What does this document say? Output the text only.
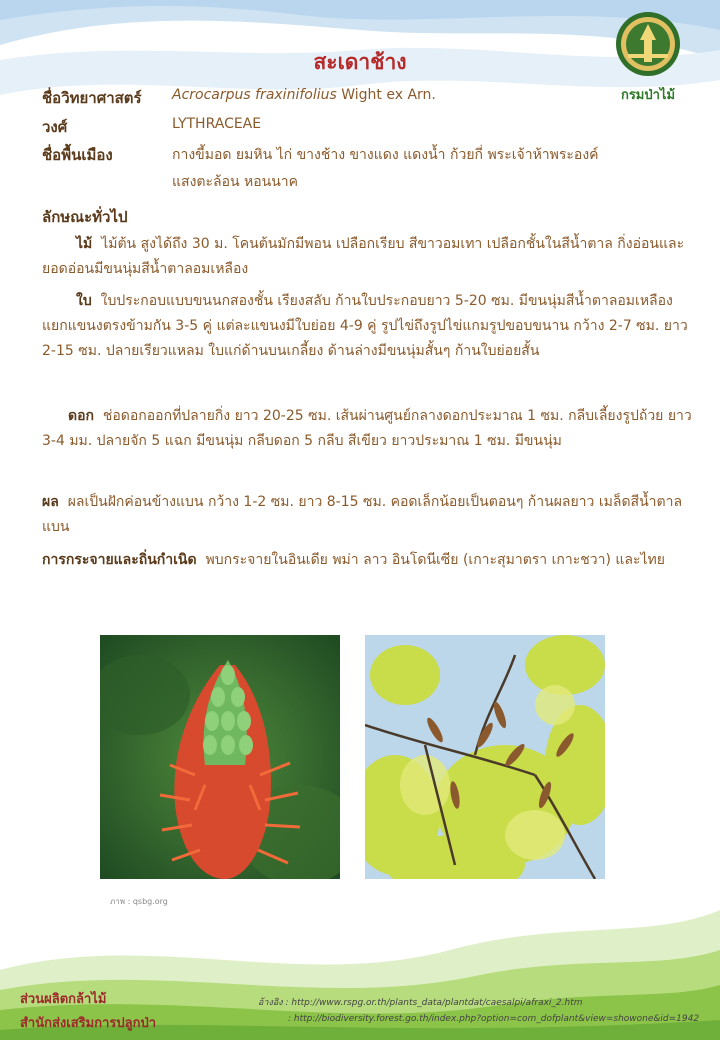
สะเดาช้าง
กรมป่าไม้
ชื่อวิทยาศาสตร์ Acrocarpus fraxinifolius Wight ex Arn.
วงศ์	LYTHRACEAE
ชื่อพื้นเมือง	กางขี้มอด ยมหิน ไก่ ขางช้าง ขางแดง แดงน้ำ ก้วยกี่ พระเจ้าห้าพระองค์
แสงตะล้อน หอนนาค
ลักษณะทั่วไป
ไม้ ไม้ต้น สูงได้ถึง 30 ม. โคนต้นมักมีพอน เปลือกเรียบ สีขาวอมเทา เปลือกชั้นในสีน้ำตาล กิ่งอ่อนและยอดอ่อนมีขนนุ่มสีน้ำตาลอมเหลือง
ใบ ใบประกอบแบบขนนกสองชั้น เรียงสลับ ก้านใบประกอบยาว 5-20 ซม. มีขนนุ่มสีน้ำตาลอมเหลือง แยกแขนงตรงข้ามกัน 3-5 คู่ แต่ละแขนงมีใบย่อย 4-9 คู่ รูปไข่ถึงรูปไข่แกมรูปขอบขนาน กว้าง 2-7 ซม. ยาว 2-15 ซม. ปลายเรียวแหลม ใบแก่ด้านบนเกลี้ยง ด้านล่างมีขนนุ่มสั้นๆ ก้านใบย่อยสั้น
ดอก ช่อดอกออกที่ปลายกิ่ง ยาว 20-25 ซม. เส้นผ่านศูนย์กลางดอกประมาณ 1 ซม. กลีบเลี้ยงรูปถ้วย ยาว 3-4 มม. ปลายจัก 5 แฉก มีขนนุ่ม กลีบดอก 5 กลีบ สีเขียว ยาวประมาณ 1 ซม. มีขนนุ่ม
ผล ผลเป็นฝักค่อนข้างแบน กว้าง 1-2 ซม. ยาว 8-15 ซม. คอดเล็กน้อยเป็นตอนๆ ก้านผลยาว เมล็ดสีน้ำตาล แบน
การกระจายและถิ่นกำเนิด พบกระจายในอินเดีย พม่า ลาว อินโดนีเซีย (เกาะสุมาตรา เกาะชวา) และไทย
ภาพ : qsbg.org
ส่วนผลิตกล้าไม้
สำนักส่งเสริมการปลูกป่า
อ้างอิง : http://www.rspg.or.th/plants_data/plantdat/caesalpi/afraxi_2.htm
: http://biodiversity.forest.go.th/index.php?option=com_dofplant&view=showone&id=1942
